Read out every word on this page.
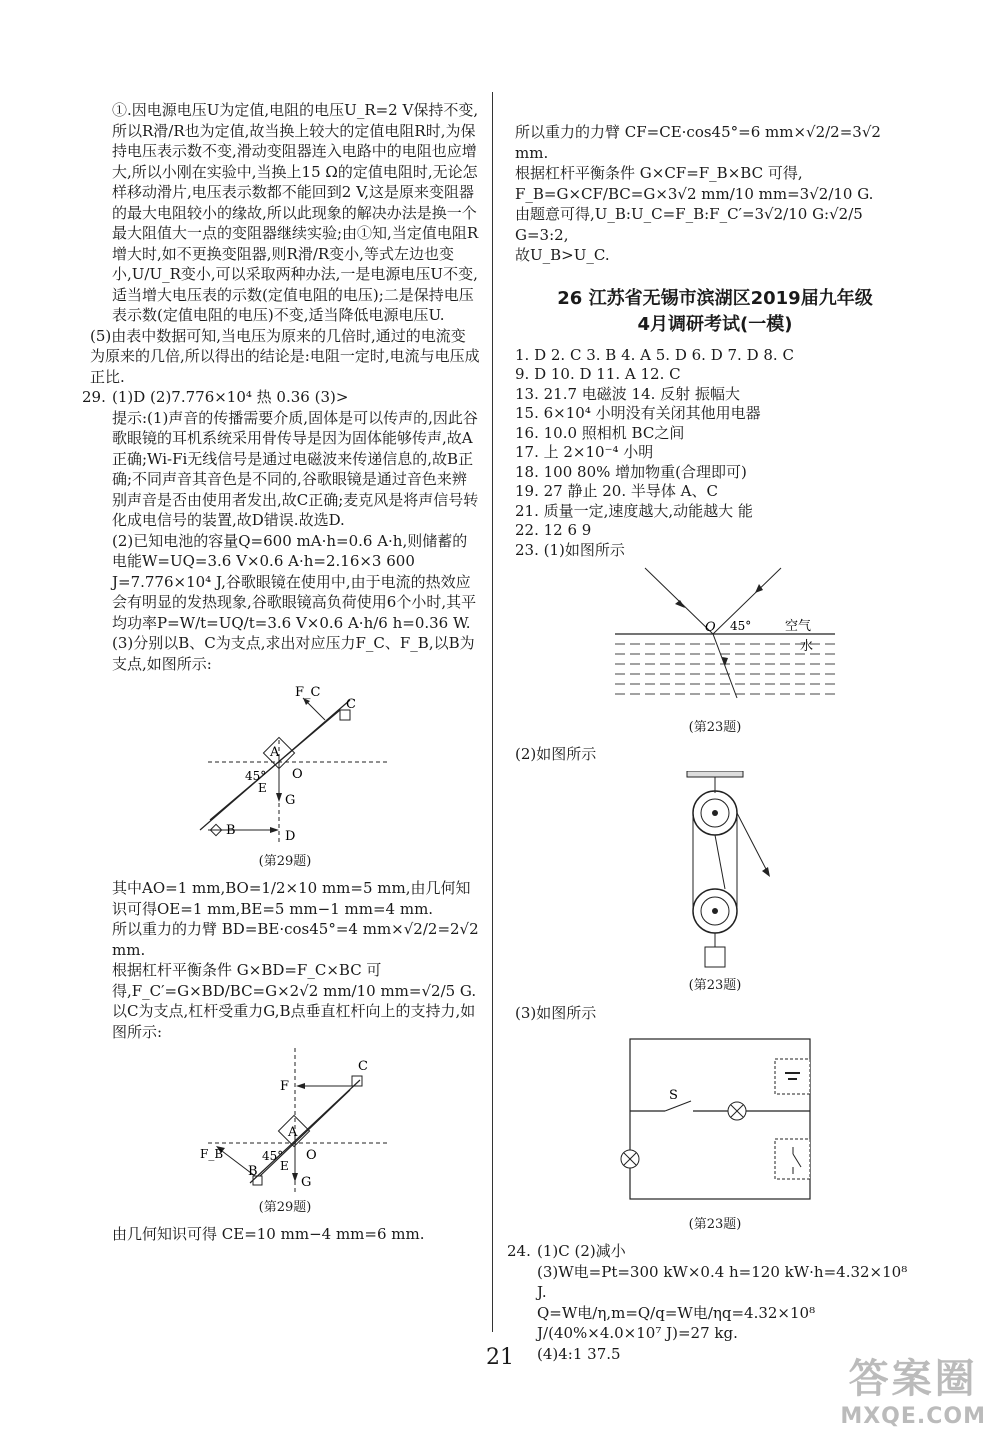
①.因电源电压U为定值,电阻的电压U_R=2 V保持不变,所以R滑/R也为定值,故当换上较大的定值电阻R时,为保持电压表示数不变,滑动变阻器连入电路中的电阻也应增大,所以小刚在实验中,当换上15 Ω的定值电阻时,无论怎样移动滑片,电压表示数都不能回到2 V,这是原来变阻器的最大电阻较小的缘故,所以此现象的解决办法是换一个最大阻值大一点的变阻器继续实验;由①知,当定值电阻R增大时,如不更换变阻器,则R滑/R变小,等式左边也变小,U/U_R变小,可以采取两种办法,一是电源电压U不变,适当增大电压表的示数(定值电阻的电压);二是保持电压表示数(定值电阻的电压)不变,适当降低电源电压U.

(5)由表中数据可知,当电压为原来的几倍时,通过的电流变为原来的几倍,所以得出的结论是:电阻一定时,电流与电压成正比.

29. (1)D (2)7.776×10⁴ 热 0.36 (3)>

提示:(1)声音的传播需要介质,固体是可以传声的,因此谷歌眼镜的耳机系统采用骨传导是因为固体能够传声,故A正确;Wi-Fi无线信号是通过电磁波来传递信息的,故B正确;不同声音其音色是不同的,谷歌眼镜是通过音色来辨别声音是否由使用者发出,故C正确;麦克风是将声信号转化成电信号的装置,故D错误.故选D.

(2)已知电池的容量Q=600 mA·h=0.6 A·h,则储蓄的电能W=UQ=3.6 V×0.6 A·h=2.16×3 600 J=7.776×10⁴ J,谷歌眼镜在使用中,由于电流的热效应会有明显的发热现象,谷歌眼镜高负荷使用6个小时,其平均功率P=W/t=UQ/t=3.6 V×0.6 A·h/6 h=0.36 W.

(3)分别以B、C为支点,求出对应压力F_C、F_B,以B为支点,如图所示:

F_C
C
A
45°
E
O
G
B	D
(第29题)

其中AO=1 mm,BO=1/2×10 mm=5 mm,由几何知识可得OE=1 mm,BE=5 mm−1 mm=4 mm.

所以重力的力臂 BD=BE·cos45°=4 mm×√2/2=2√2 mm.

根据杠杆平衡条件 G×BD=F_C×BC 可得,F_C′=G×BD/BC=G×2√2 mm/10 mm=√2/5 G.

以C为支点,杠杆受重力G,B点垂直杠杆向上的支持力,如图所示:

F
C
A
45° O
E
F_B
B
G
(第29题)

由几何知识可得 CE=10 mm−4 mm=6 mm.

所以重力的力臂 CF=CE·cos45°=6 mm×√2/2=3√2 mm.

根据杠杆平衡条件 G×CF=F_B×BC 可得,

F_B=G×CF/BC=G×3√2 mm/10 mm=3√2/10 G.

由题意可得,U_B:U_C=F_B:F_C′=3√2/10 G:√2/5 G=3:2,

故U_B>U_C.

26 江苏省无锡市滨湖区2019届九年级
4月调研考试(一模)

1. D 2. C 3. B 4. A 5. D 6. D 7. D 8. C

9. D 10. D 11. A 12. C

13. 21.7 电磁波 14. 反射 振幅大

15. 6×10⁴ 小明没有关闭其他用电器

16. 10.0 照相机 BC之间

17. 上 2×10⁻⁴ 小明

18. 100 80% 增加物重(合理即可)

19. 27 静止 20. 半导体 A、C

21. 质量一定,速度越大,动能越大 能

22. 12 6 9

23. (1)如图所示

O 45°	空气
水
(第23题)

(2)如图所示

(第23题)

(3)如图所示

S
(第23题)

24. (1)C (2)减小

(3)W电=Pt=300 kW×0.4 h=120 kW·h=4.32×10⁸ J.

Q=W电/η,m=Q/q=W电/ηq=4.32×10⁸ J/(40%×4.0×10⁷ J)=27 kg.

(4)4:1 37.5

21	答案圈
MXQE.COM
